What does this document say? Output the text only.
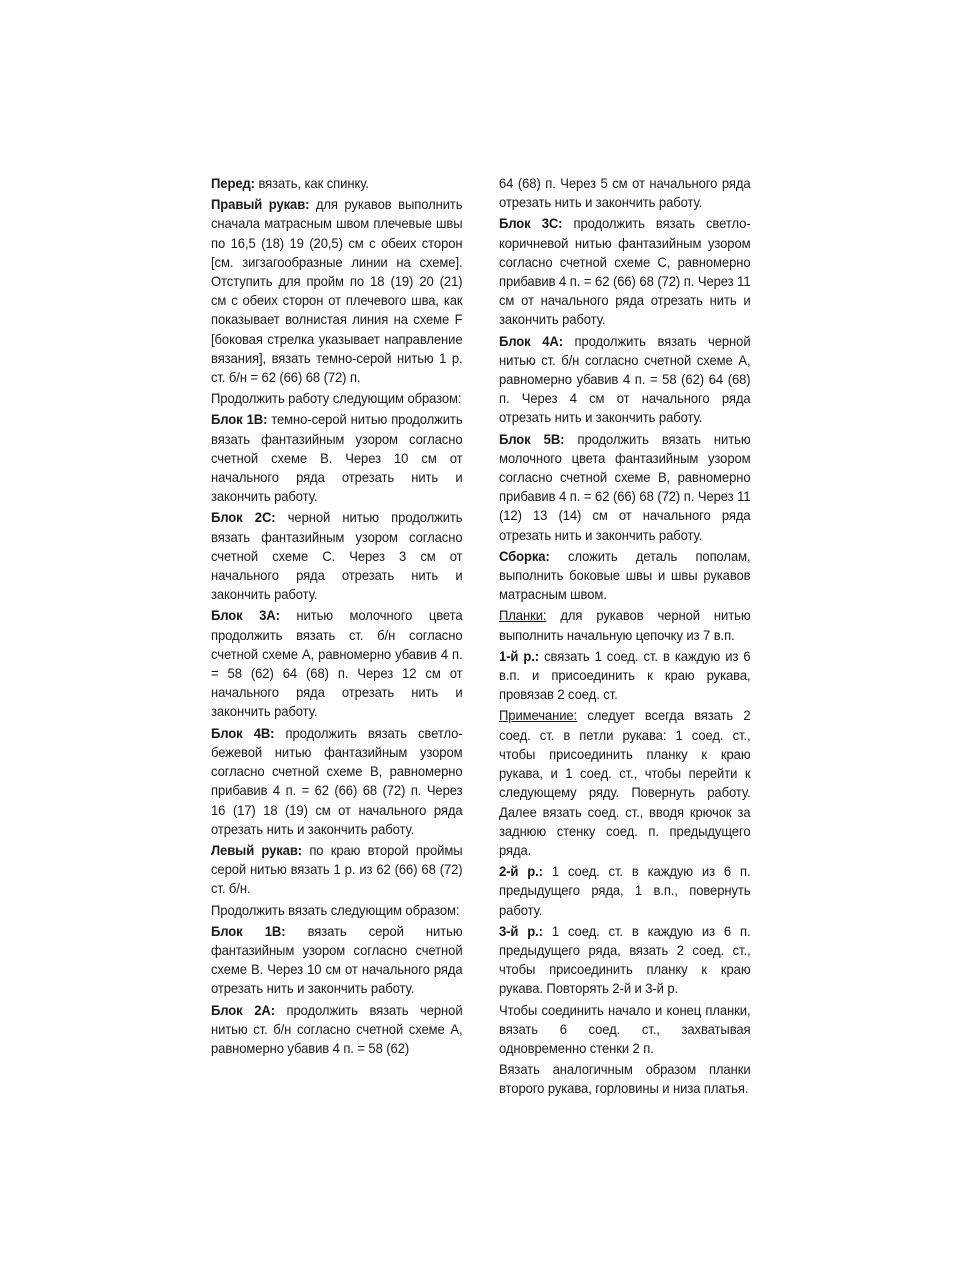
Перед: вязать, как спинку.

Правый рукав: для рукавов выполнить сначала матрасным швом плечевые швы по 16,5 (18) 19 (20,5) см с обеих сторон [см. зигзагообразные линии на схеме]. Отступить для пройм по 18 (19) 20 (21) см с обеих сторон от плечевого шва, как показывает волнистая линия на схеме F [боковая стрелка указывает направление вязания], вязать темно-серой нитью 1 р. ст. б/н = 62 (66) 68 (72) п.

Продолжить работу следующим образом:

Блок 1В: темно-серой нитью продолжить вязать фантазийным узором согласно счетной схеме В. Через 10 см от начального ряда отрезать нить и закончить работу.

Блок 2С: черной нитью продолжить вязать фантазийным узором согласно счетной схеме С. Через 3 см от начального ряда отрезать нить и закончить работу.

Блок 3А: нитью молочного цвета продолжить вязать ст. б/н согласно счетной схеме А, равномерно убавив 4 п. = 58 (62) 64 (68) п. Через 12 см от начального ряда отрезать нить и закончить работу.

Блок 4В: продолжить вязать светло-бежевой нитью фантазийным узором согласно счетной схеме В, равномерно прибавив 4 п. = 62 (66) 68 (72) п. Через 16 (17) 18 (19) см от начального ряда отрезать нить и закончить работу.

Левый рукав: по краю второй проймы серой нитью вязать 1 р. из 62 (66) 68 (72) ст. б/н.

Продолжить вязать следующим образом:

Блок 1В: вязать серой нитью фантазийным узором согласно счетной схеме В. Через 10 см от начального ряда отрезать нить и закончить работу.

Блок 2А: продолжить вязать черной нитью ст. б/н согласно счетной схеме А, равномерно убавив 4 п. = 58 (62)

64 (68) п. Через 5 см от начального ряда отрезать нить и закончить работу.

Блок 3С: продолжить вязать светло-коричневой нитью фантазийным узором согласно счетной схеме С, равномерно прибавив 4 п. = 62 (66) 68 (72) п. Через 11 см от начального ряда отрезать нить и закончить работу.

Блок 4А: продолжить вязать черной нитью ст. б/н согласно счетной схеме А, равномерно убавив 4 п. = 58 (62) 64 (68) п. Через 4 см от начального ряда отрезать нить и закончить работу.

Блок 5В: продолжить вязать нитью молочного цвета фантазийным узором согласно счетной схеме В, равномерно прибавив 4 п. = 62 (66) 68 (72) п. Через 11 (12) 13 (14) см от начального ряда отрезать нить и закончить работу.

Сборка: сложить деталь пополам, выполнить боковые швы и швы рукавов матрасным швом.

Планки: для рукавов черной нитью выполнить начальную цепочку из 7 в.п.

1-й р.: связать 1 соед. ст. в каждую из 6 в.п. и присоединить к краю рукава, провязав 2 соед. ст.

Примечание: следует всегда вязать 2 соед. ст. в петли рукава: 1 соед. ст., чтобы присоединить планку к краю рукава, и 1 соед. ст., чтобы перейти к следующему ряду. Повернуть работу. Далее вязать соед. ст., вводя крючок за заднюю стенку соед. п. предыдущего ряда.

2-й р.: 1 соед. ст. в каждую из 6 п. предыдущего ряда, 1 в.п., повернуть работу.

3-й р.: 1 соед. ст. в каждую из 6 п. предыдущего ряда, вязать 2 соед. ст., чтобы присоединить планку к краю рукава. Повторять 2-й и 3-й р.

Чтобы соединить начало и конец планки, вязать 6 соед. ст., захватывая одновременно стенки 2 п.

Вязать аналогичным образом планки второго рукава, горловины и низа платья.
